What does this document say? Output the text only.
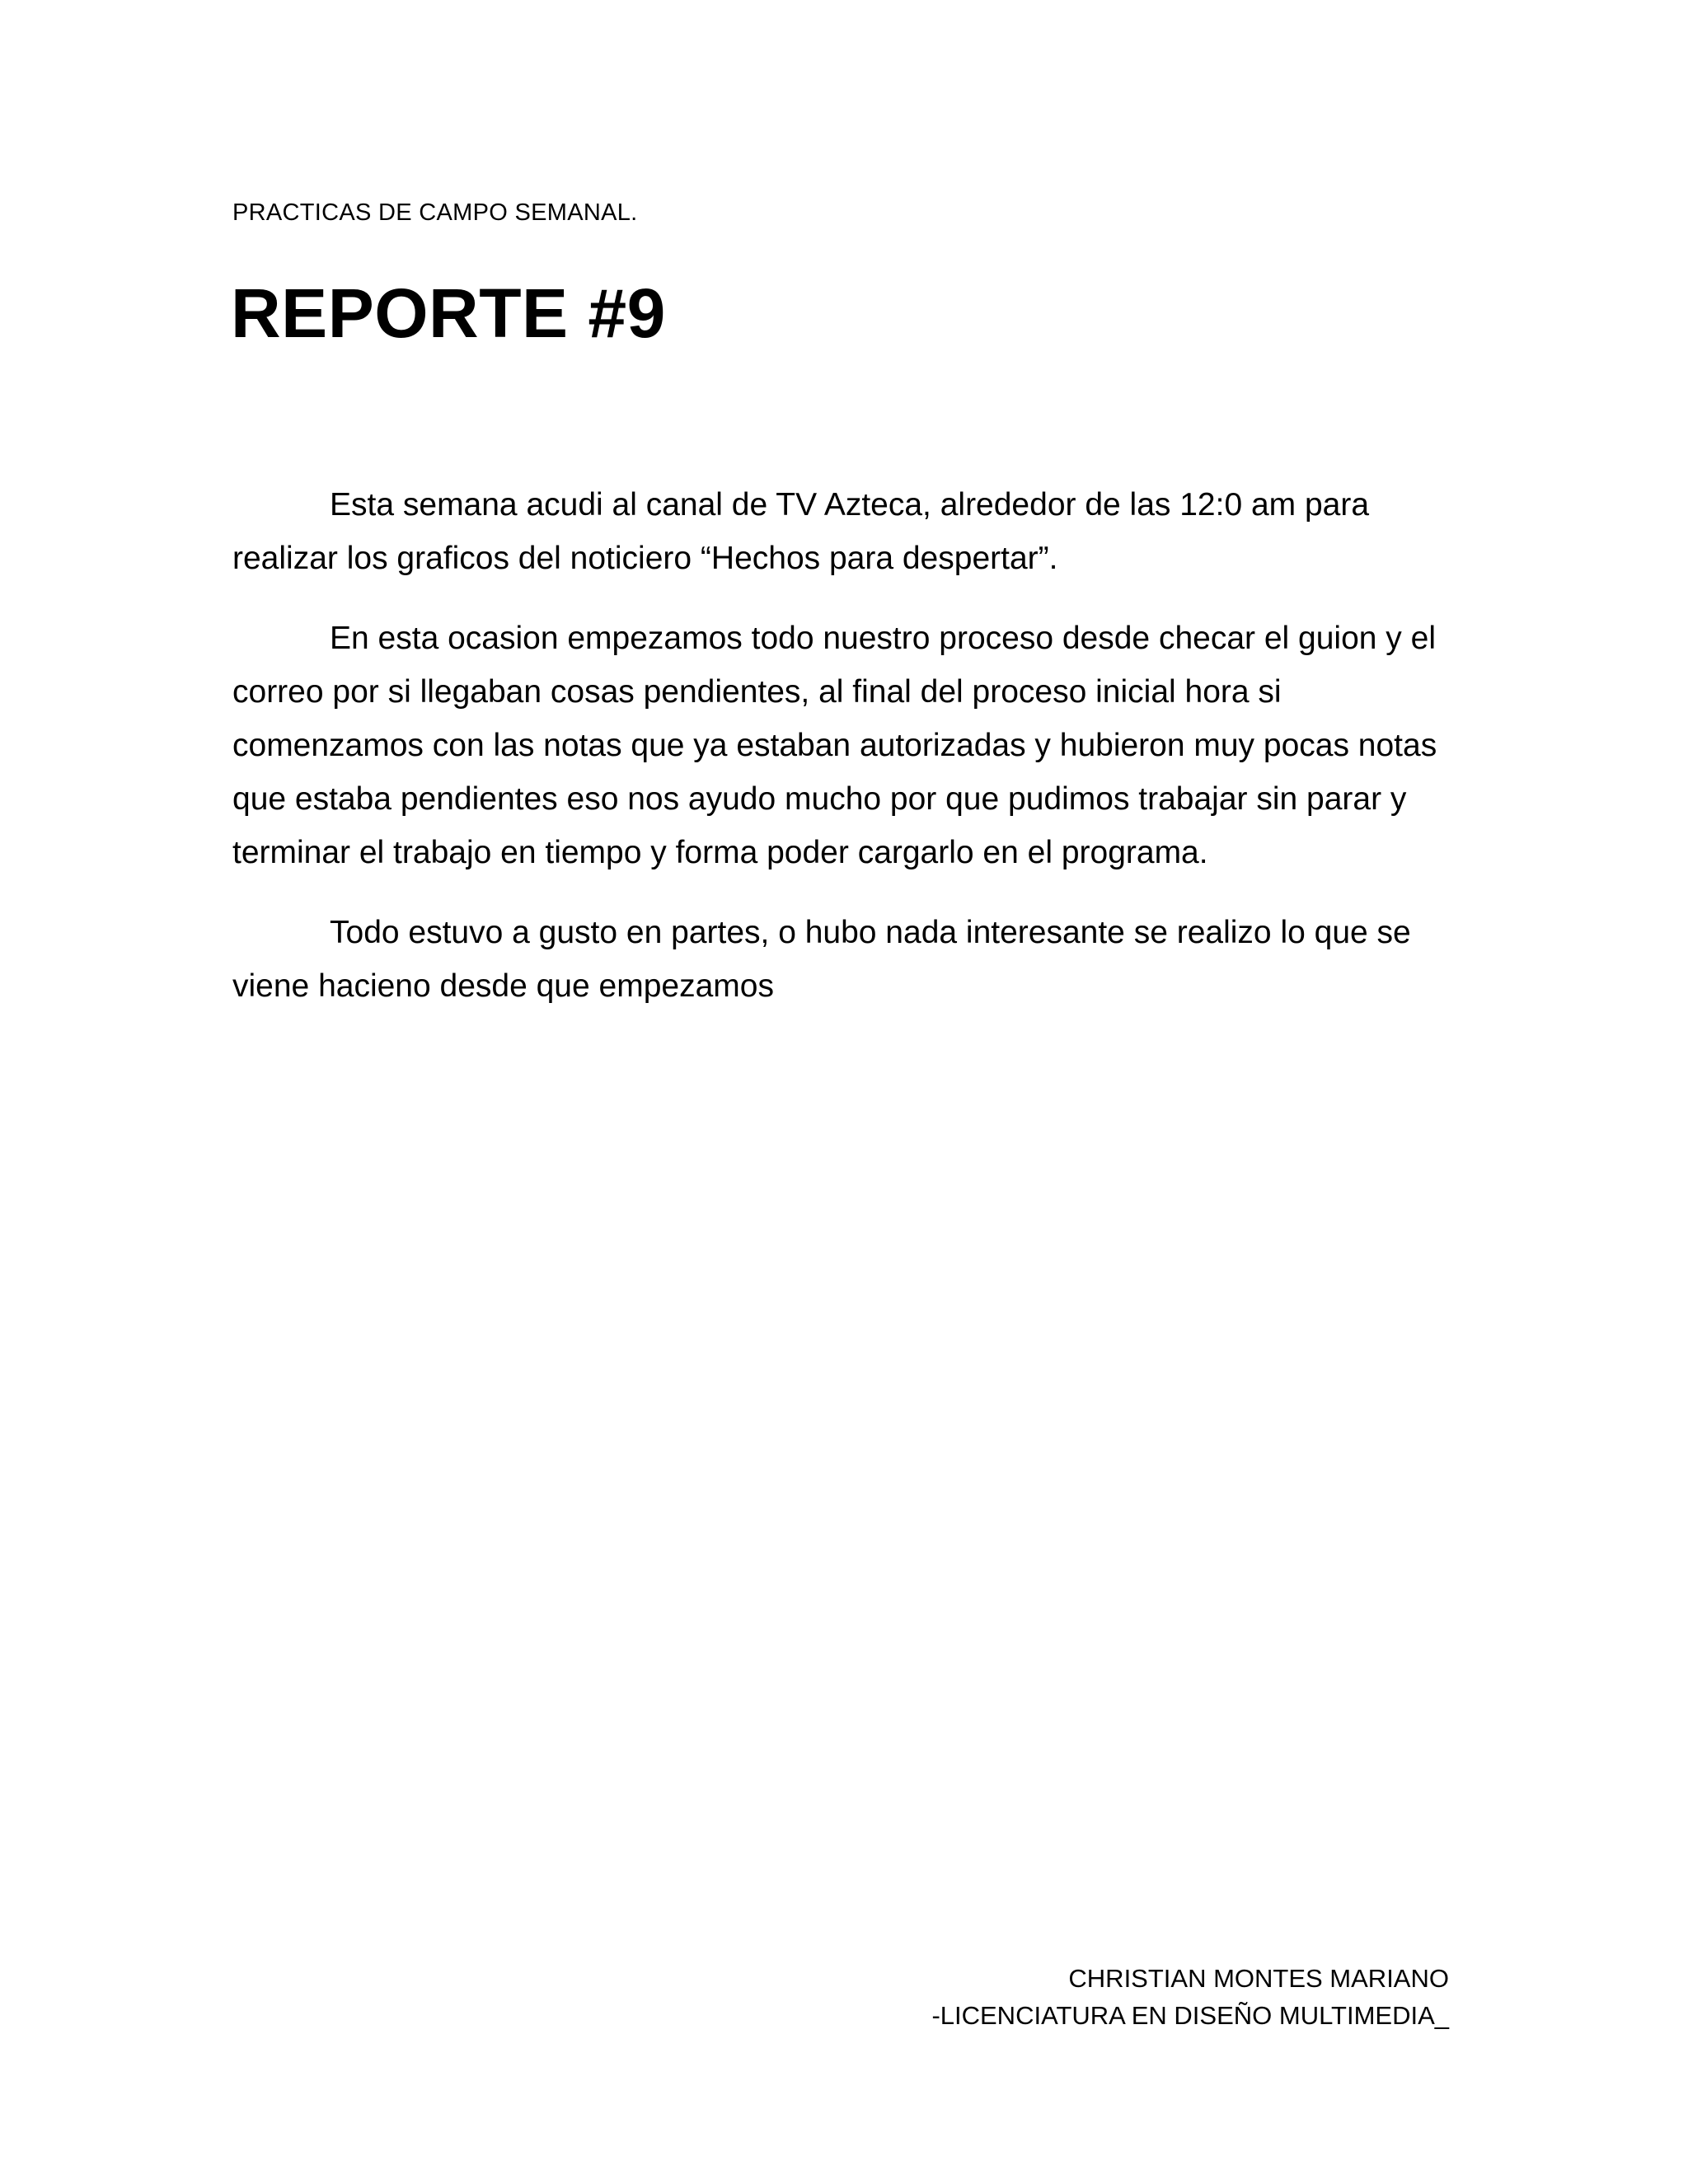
PRACTICAS DE CAMPO SEMANAL.
REPORTE #9

Esta semana acudi al canal de TV Azteca, alrededor de las 12:0 am para realizar los graficos del noticiero “Hechos para despertar”.

En esta ocasion empezamos todo nuestro proceso desde checar el guion y el correo por si llegaban cosas pendientes, al final del proceso inicial hora si comenzamos con las notas que ya estaban autorizadas y hubieron muy pocas notas que estaba pendientes eso nos ayudo mucho por que pudimos trabajar sin parar y terminar el trabajo en tiempo y forma poder cargarlo en el programa.

Todo estuvo a gusto en partes, o hubo nada interesante se realizo lo que se viene hacieno desde que empezamos

CHRISTIAN MONTES MARIANO
-LICENCIATURA EN DISEÑO MULTIMEDIA_
